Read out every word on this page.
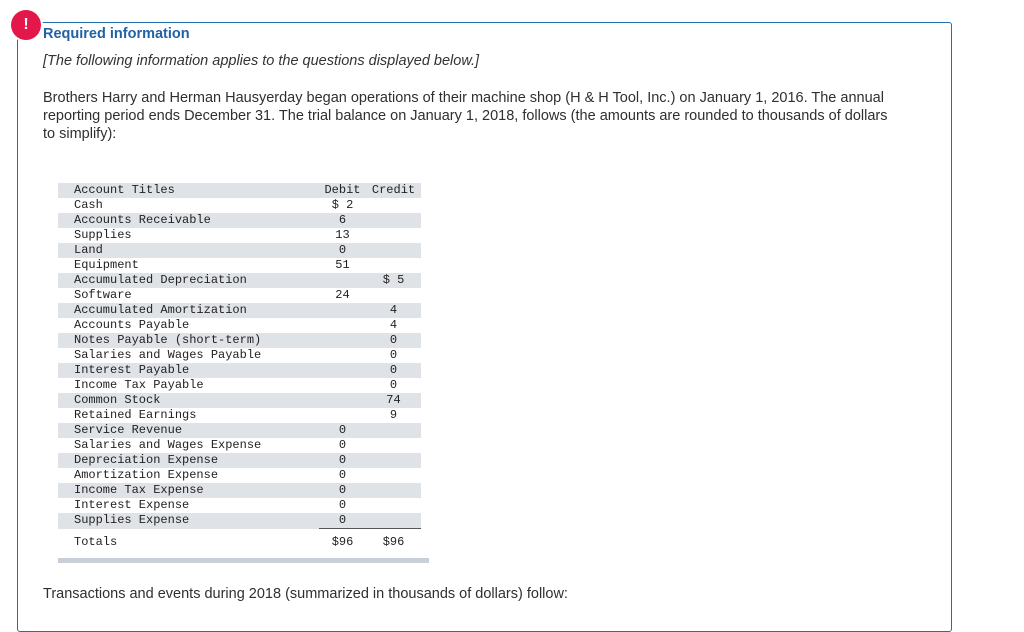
!
Required information

[The following information applies to the questions displayed below.]

Brothers Harry and Herman Hausyerday began operations of their machine shop (H & H Tool, Inc.) on January 1, 2016. The annual reporting period ends December 31. The trial balance on January 1, 2018, follows (the amounts are rounded to thousands of dollars to simplify):

Account Titles	Debit	Credit
Cash	$ 2	
Accounts Receivable	6	
Supplies	13	
Land	0	
Equipment	51	
Accumulated Depreciation		$ 5
Software	24	
Accumulated Amortization		4
Accounts Payable		4
Notes Payable (short-term)		0
Salaries and Wages Payable		0
Interest Payable		0
Income Tax Payable		0
Common Stock		74
Retained Earnings		9
Service Revenue	0	
Salaries and Wages Expense	0	
Depreciation Expense	0	
Amortization Expense	0	
Income Tax Expense	0	
Interest Expense	0	
Supplies Expense	0	
Totals	$96	$96

Transactions and events during 2018 (summarized in thousands of dollars) follow:
